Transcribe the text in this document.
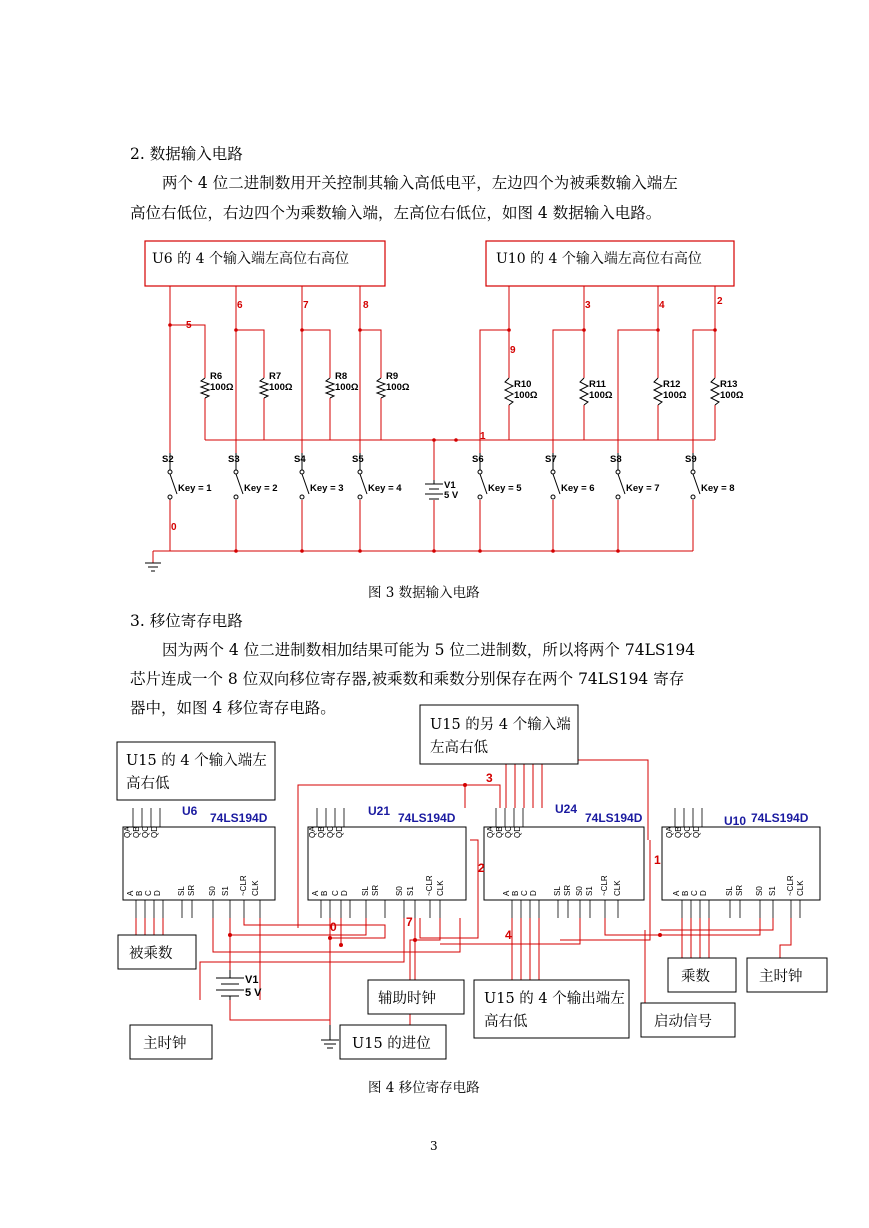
2. 数据输入电路
两个 4 位二进制数用开关控制其输入高低电平，左边四个为被乘数输入端左
高位右低位，右边四个为乘数输入端，左高位右低位，如图 4 数据输入电路。
U6 的 4 个输入端左高位右高位	U10 的 4 个输入端左高位右高位
5
6	7	8	3	4	2
9
1
0
R6
100Ω
R7
100Ω
R8
100Ω
R9
100Ω	R10
100Ω
R11
100Ω
R12
100Ω
R13
100Ω
S2
Key = 1
S3
Key = 2
S4
Key = 3
S5
Key = 4
S6
Key = 5
S7
Key = 6
S8
Key = 7
S9
Key = 8
V1
5 V
图 3 数据输入电路
3. 移位寄存电路
因为两个 4 位二进制数相加结果可能为 5 位二进制数，所以将两个 74LS194
芯片连成一个 8 位双向移位寄存器,被乘数和乘数分别保存在两个 74LS194 寄存
器中，如图 4 移位寄存电路。
QA QB QC QD	QA QB QC QD	QA QB QC QD	QA QB QC QD
A B C D	A B C D	A B C D	A B C D
SL SR S0 S1 ~CLR CLK	SL SR S0 S1 ~CLR CLK	SL SR S0 S1 ~CLR CLK	SL SR S0 S1 ~CLR CLK
U6 74LS194D	U21 74LS194D
U24
74LS194D	U10 74LS194D
3
2
1
0	7
4
V1
5 V
U15 的另 4 个输入端
左高右低
U15 的 4 个输入端左
高右低
被乘数
辅助时钟	U15 的 4 个输出端左
高右低
乘数	主时钟
启动信号
主时钟	U15 的进位
图 4 移位寄存电路
3
